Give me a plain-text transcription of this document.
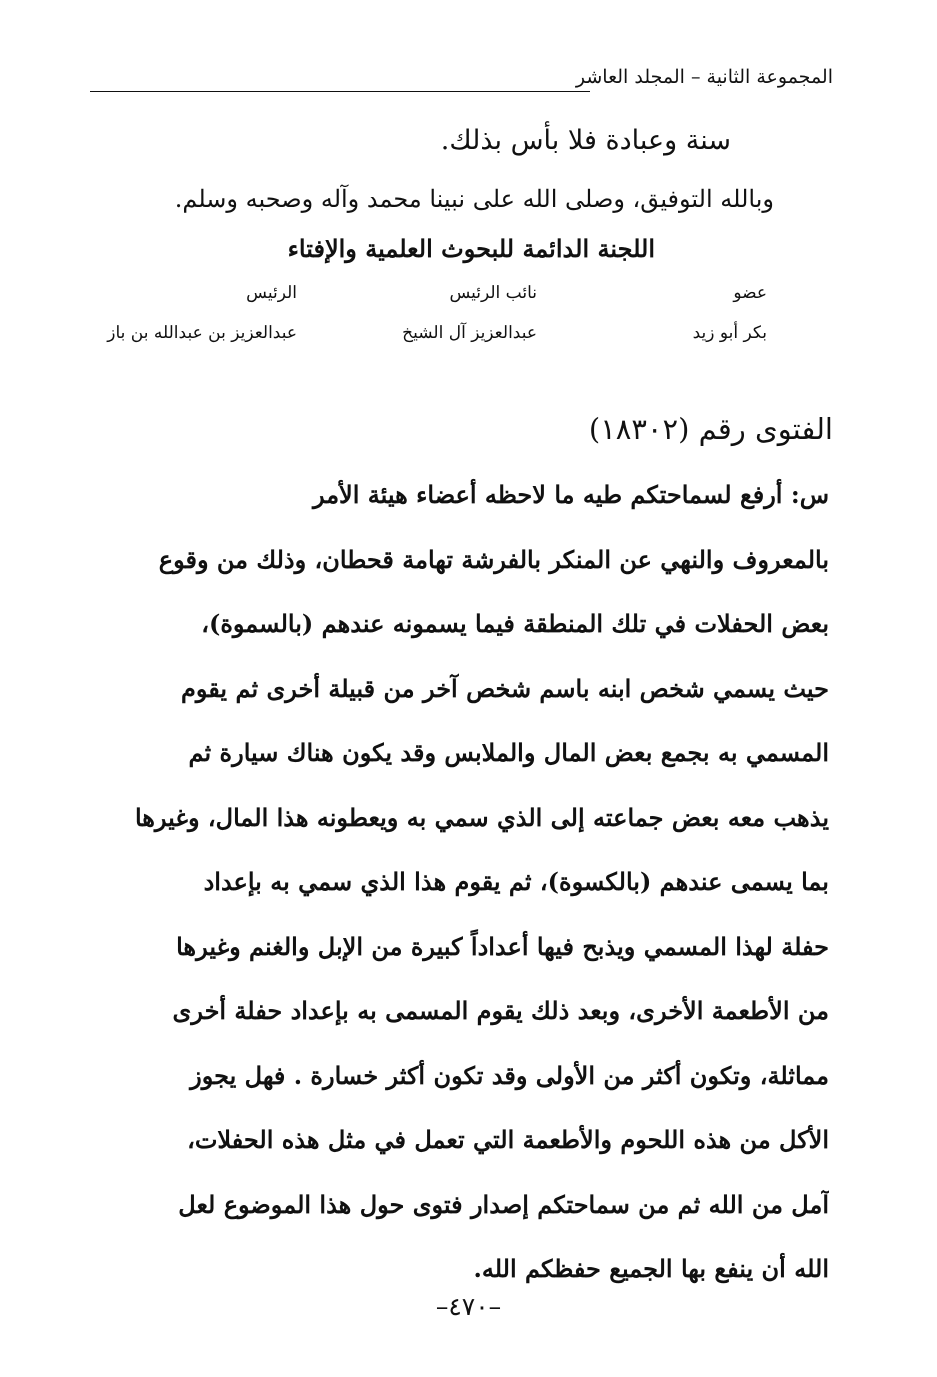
المجموعة الثانية – المجلد العاشر
سنة وعبادة فلا بأس بذلك.
وبالله التوفيق، وصلى الله على نبينا محمد وآله وصحبه وسلم.
اللجنة الدائمة للبحوث العلمية والإفتاء
عضو
نائب الرئيس
الرئيس
بكر أبو زيد
عبدالعزيز آل الشيخ
عبدالعزيز بن عبدالله بن باز
الفتوى رقم (١٨٣٠٢)
س: أرفع لسماحتكم طيه ما لاحظه أعضاء هيئة الأمر
بالمعروف والنهي عن المنكر بالفرشة تهامة قحطان، وذلك من وقوع
بعض الحفلات في تلك المنطقة فيما يسمونه عندهم (بالسموة)،
حيث يسمي شخص ابنه باسم شخص آخر من قبيلة أخرى ثم يقوم
المسمي به بجمع بعض المال والملابس وقد يكون هناك سيارة ثم
يذهب معه بعض جماعته إلى الذي سمي به ويعطونه هذا المال، وغيرها
بما يسمى عندهم (بالكسوة)، ثم يقوم هذا الذي سمي به بإعداد
حفلة لهذا المسمي ويذبح فيها أعداداً كبيرة من الإبل والغنم وغيرها
من الأطعمة الأخرى، وبعد ذلك يقوم المسمى به بإعداد حفلة أخرى
مماثلة، وتكون أكثر من الأولى وقد تكون أكثر خسارة . فهل يجوز
الأكل من هذه اللحوم والأطعمة التي تعمل في مثل هذه الحفلات،
آمل من الله ثم من سماحتكم إصدار فتوى حول هذا الموضوع لعل
الله أن ينفع بها الجميع حفظكم الله.
–٤٧٠–
